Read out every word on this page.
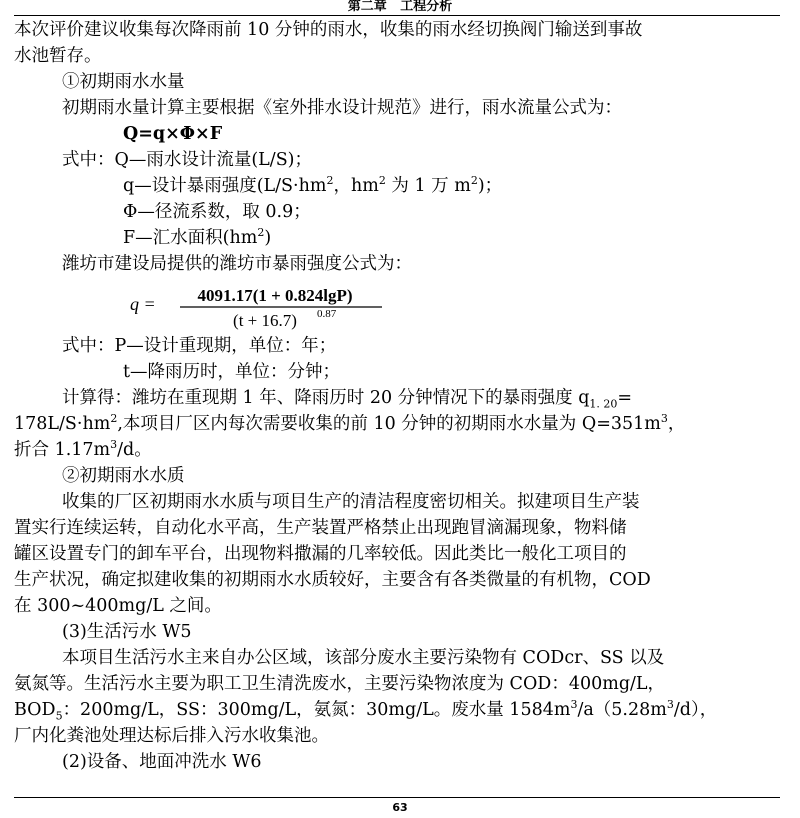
第二章 工程分析
本次评价建议收集每次降雨前 10 分钟的雨水，收集的雨水经切换阀门输送到事故
水池暂存。
①初期雨水水量
初期雨水量计算主要根据《室外排水设计规范》进行，雨水流量公式为：
Q=q×Φ×F
式中：Q—雨水设计流量(L/S)；
q—设计暴雨强度($L/S\cdot hm^2$，$hm^2$ 为 1 万 $m^2$)；
Φ—径流系数，取 0.9；
F—汇水面积$(hm^2)$
潍坊市建设局提供的潍坊市暴雨强度公式为：
q = 4091.17(1 + 0.824lgP)
(t + 16.7) 0.87
式中：P—设计重现期，单位：年；
t—降雨历时，单位：分钟；
计算得：潍坊在重现期 1 年、降雨历时 20 分钟情况下的暴雨强度 $q_{1. 20}=$
$178L/S\cdot hm^2$,本项目厂区内每次需要收集的前 10 分钟的初期雨水水量为 $Q=351m^3$，
折合 $1.17m^3/d$。
②初期雨水水质
收集的厂区初期雨水水质与项目生产的清洁程度密切相关。拟建项目生产装
置实行连续运转，自动化水平高，生产装置严格禁止出现跑冒滴漏现象，物料储
罐区设置专门的卸车平台，出现物料撒漏的几率较低。因此类比一般化工项目的
生产状况，确定拟建收集的初期雨水水质较好，主要含有各类微量的有机物，COD
在 300~400mg/L 之间。
(3)生活污水 W5
本项目生活污水主来自办公区域，该部分废水主要污染物有 CODcr、SS 以及
氨氮等。生活污水主要为职工卫生清洗废水，主要污染物浓度为 COD：400mg/L，
$BOD_5$：200mg/L，SS：300mg/L，氨氮：30mg/L。废水量 $1584m^3/a(5.28m^3/d)$，
厂内化粪池处理达标后排入污水收集池。
(2)设备、地面冲洗水 W6
63
